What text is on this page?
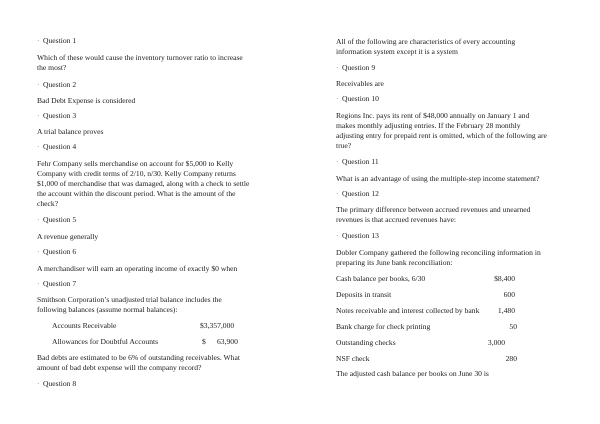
· Question 1
Which of these would cause the inventory turnover ratio to increase
the most?
· Question 2
Bad Debt Expense is considered
· Question 3
A trial balance proves
· Question 4
Fehr Company sells merchandise on account for $5,000 to Kelly
Company with credit terms of 2/10, n/30. Kelly Company returns
$1,000 of merchandise that was damaged, along with a check to settle
the account within the discount period. What is the amount of the
check?
· Question 5
A revenue generally
· Question 6
A merchandiser will earn an operating income of exactly $0 when
· Question 7
Smithson Corporation’s unadjusted trial balance includes the
following balances (assume normal balances):
Accounts Receivable	$3,357,000
Allowances for Doubtful Accounts	$ 63,900
Bad debts are estimated to be 6% of outstanding receivables. What
amount of bad debt expense will the company record?
· Question 8
All of the following are characteristics of every accounting
information system except it is a system
· Question 9
Receivables are
· Question 10
Regions Inc. pays its rent of $48,000 annually on January 1 and
makes monthly adjusting entries. If the February 28 monthly
adjusting entry for prepaid rent is omitted, which of the following are
true?
· Question 11
What is an advantage of using the multiple-step income statement?
· Question 12
The primary difference between accrued revenues and unearned
revenues is that accrued revenues have:
· Question 13
Dobler Company gathered the following reconciling information in
preparing its June bank reconciliation:
Cash balance per books, 6/30	$8,400
Deposits in transit	600
Notes receivable and interest collected by bank 1,480
Bank charge for check printing	50
Outstanding checks	3,000
NSF check	280
The adjusted cash balance per books on June 30 is
